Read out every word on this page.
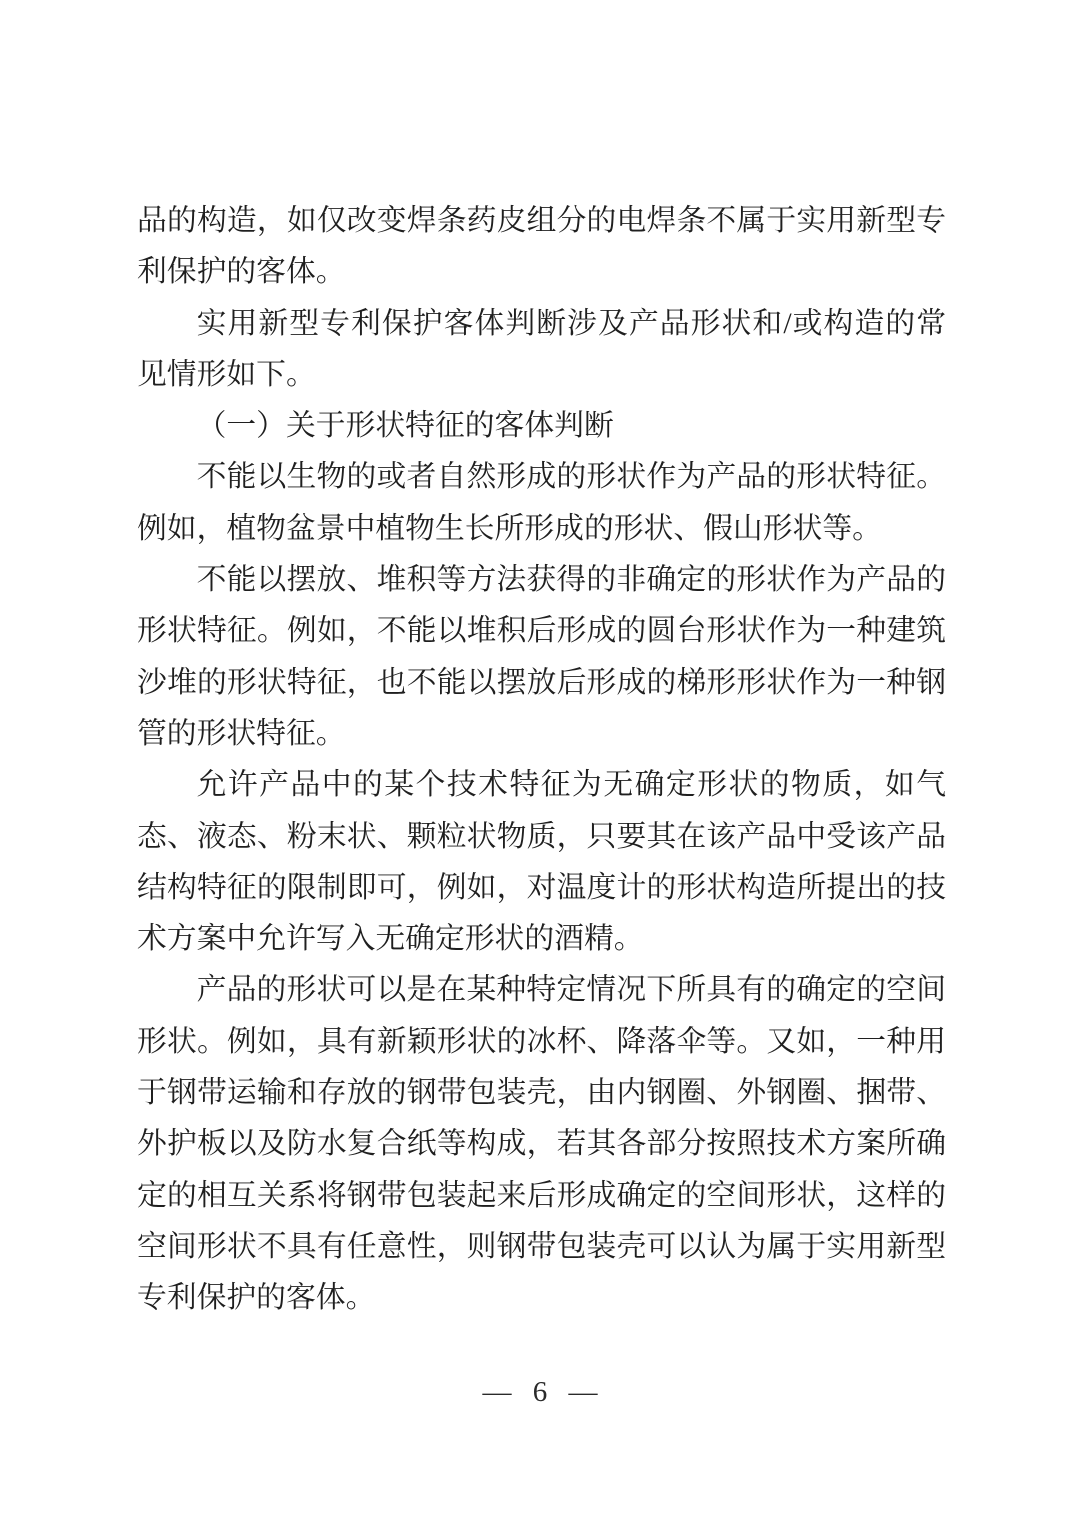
品的构造，如仅改变焊条药皮组分的电焊条不属于实用新型专利保护的客体。

实用新型专利保护客体判断涉及产品形状和/或构造的常见情形如下。

（一）关于形状特征的客体判断

不能以生物的或者自然形成的形状作为产品的形状特征。例如，植物盆景中植物生长所形成的形状、假山形状等。

不能以摆放、堆积等方法获得的非确定的形状作为产品的形状特征。例如，不能以堆积后形成的圆台形状作为一种建筑沙堆的形状特征，也不能以摆放后形成的梯形形状作为一种钢管的形状特征。

允许产品中的某个技术特征为无确定形状的物质，如气态、液态、粉末状、颗粒状物质，只要其在该产品中受该产品结构特征的限制即可，例如，对温度计的形状构造所提出的技术方案中允许写入无确定形状的酒精。

产品的形状可以是在某种特定情况下所具有的确定的空间形状。例如，具有新颖形状的冰杯、降落伞等。又如，一种用于钢带运输和存放的钢带包装壳，由内钢圈、外钢圈、捆带、外护板以及防水复合纸等构成，若其各部分按照技术方案所确定的相互关系将钢带包装起来后形成确定的空间形状，这样的空间形状不具有任意性，则钢带包装壳可以认为属于实用新型专利保护的客体。

— 6 —
